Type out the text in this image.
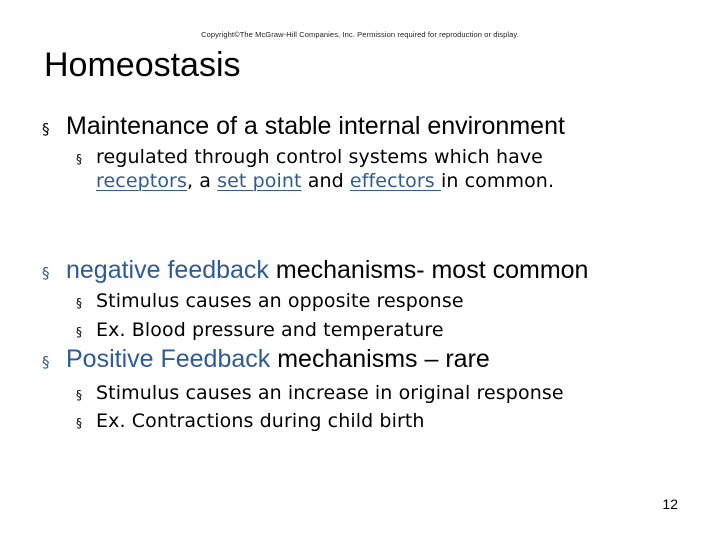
Copyright©The McGraw-Hill Companies, Inc. Permission required for reproduction or display.
Homeostasis
§ Maintenance of a stable internal environment
§ regulated through control systems which have
receptors, a set point and effectors in common.
§ negative feedback mechanisms- most common
§ Stimulus causes an opposite response
§ Ex. Blood pressure and temperature
§ Positive Feedback mechanisms – rare
§ Stimulus causes an increase in original response
§ Ex. Contractions during child birth
12
